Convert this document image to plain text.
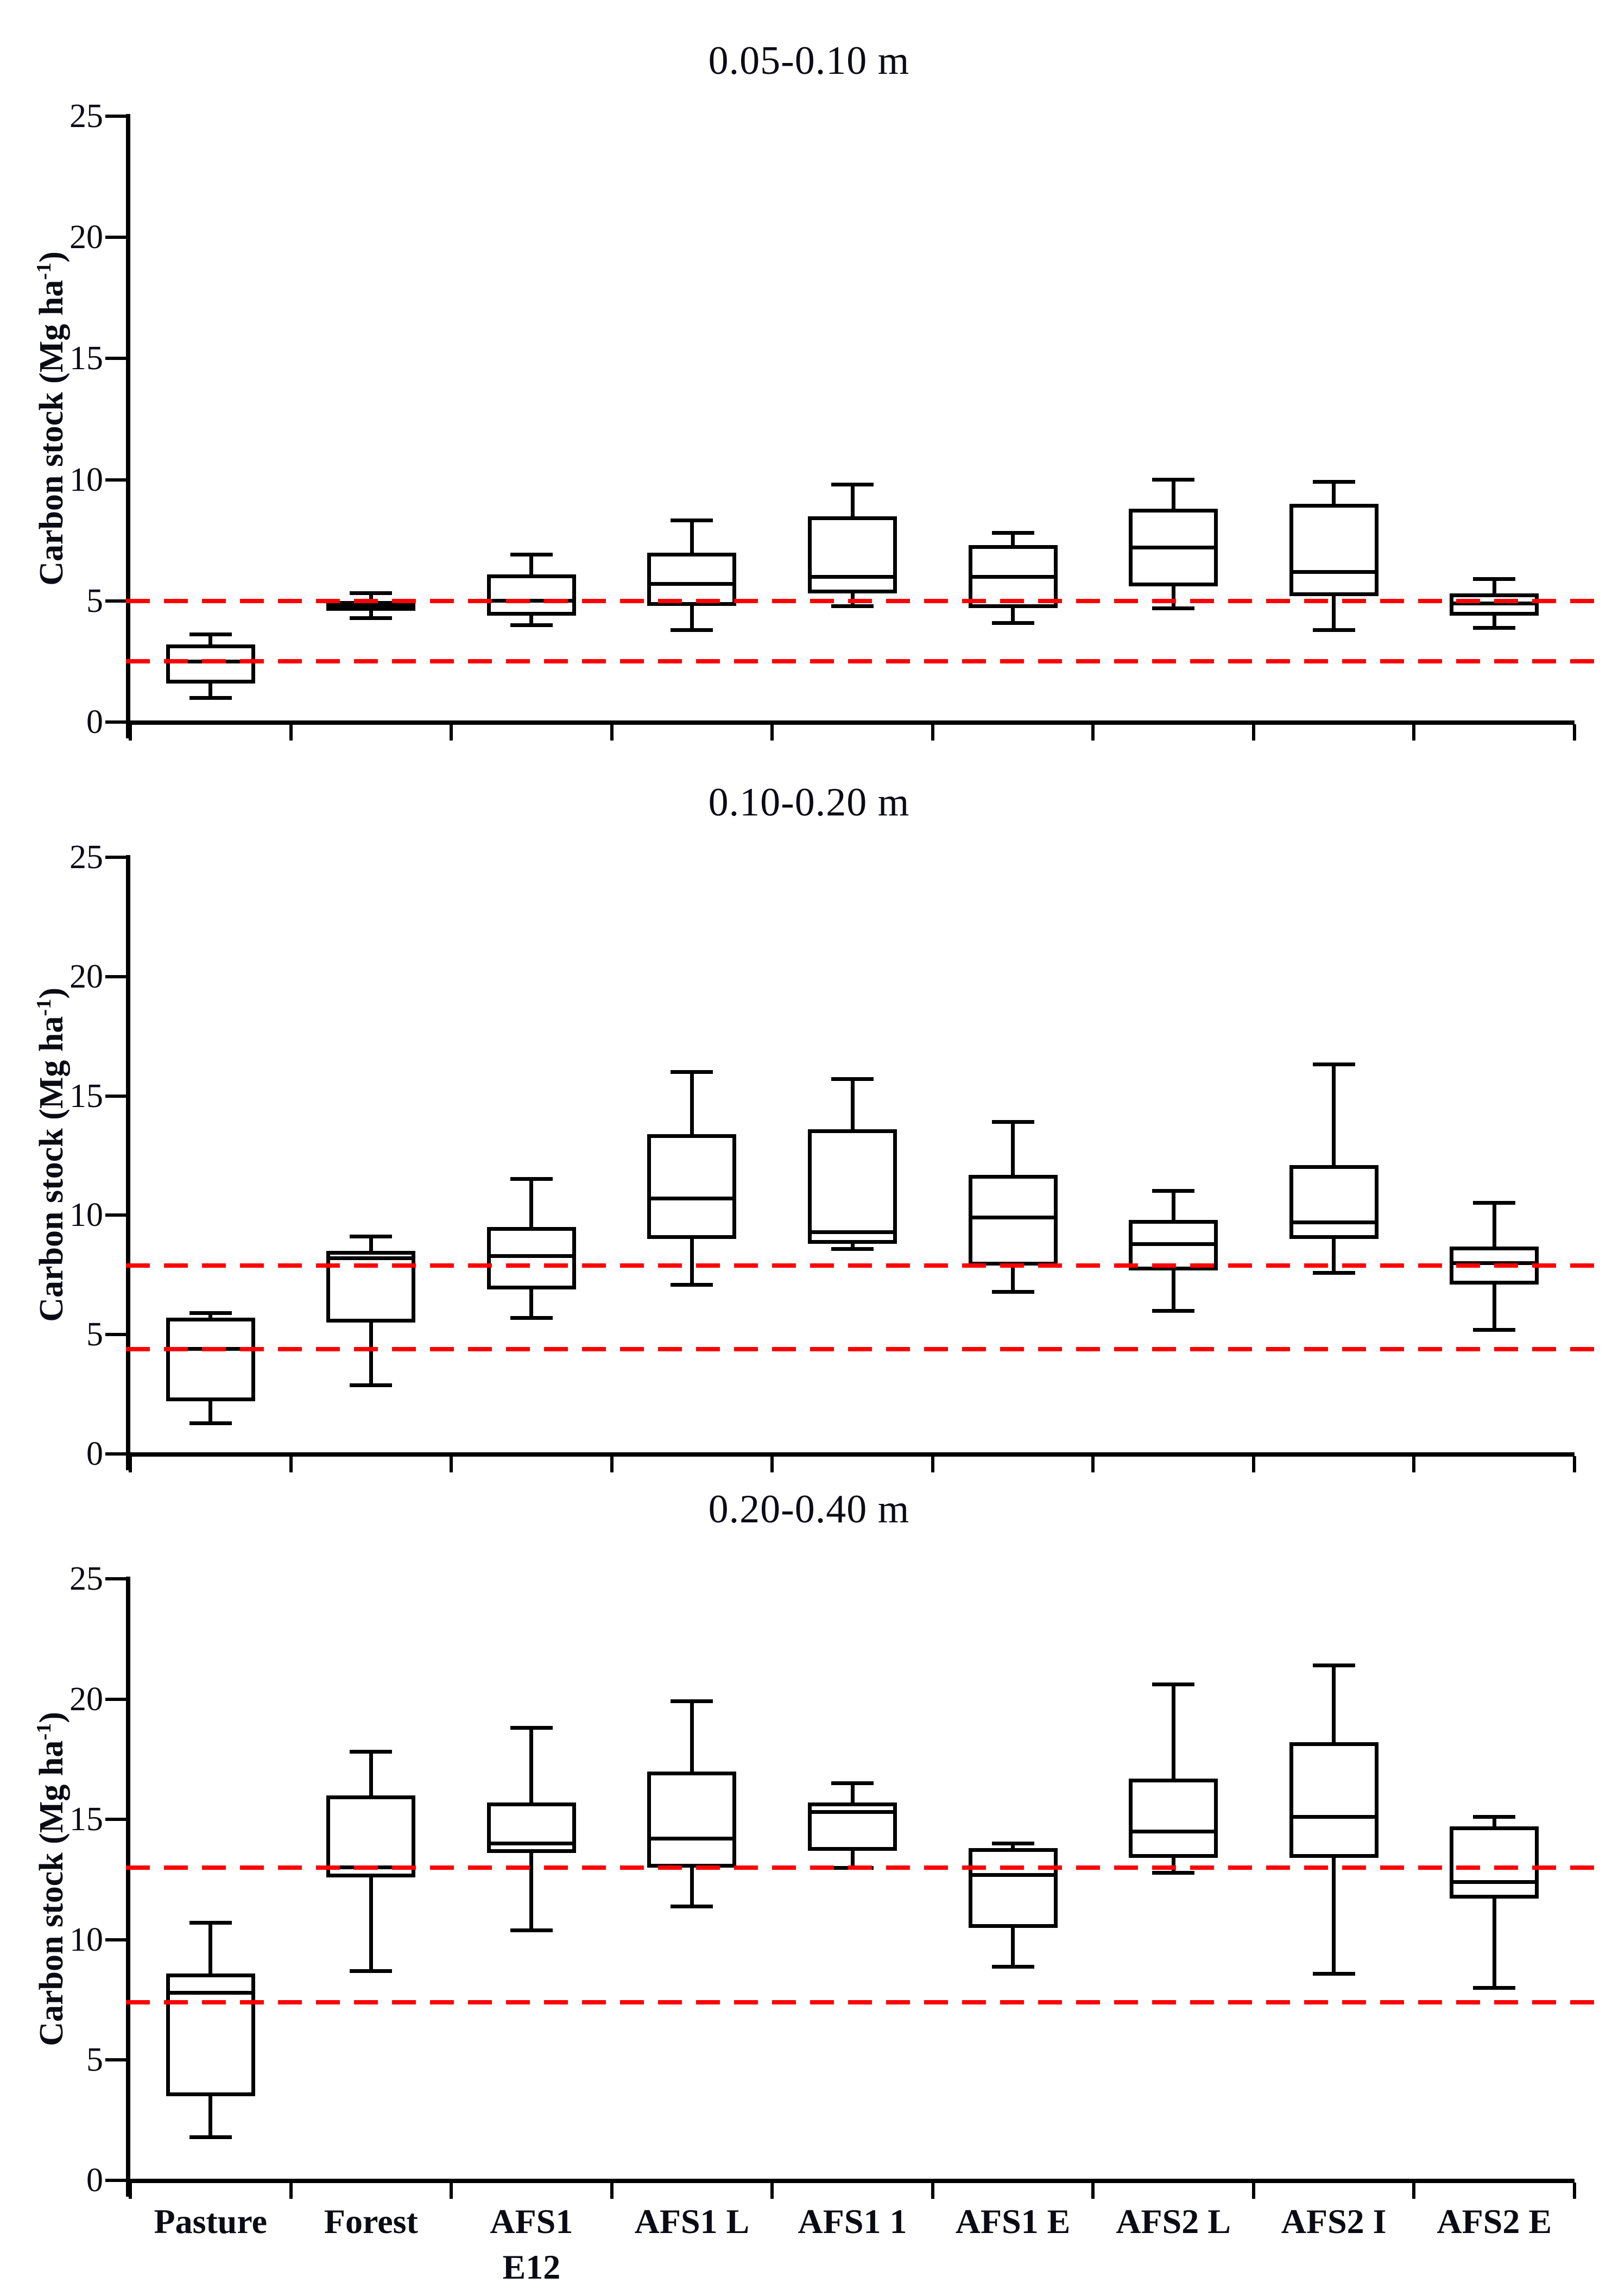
0.05-0.10 m
0.10-0.20 m
0.20-0.40 m
Carbon stock (Mg $ha^{-1}$)
Carbon stock (Mg $ha^{-1}$)
Carbon stock (Mg $ha^{-1}$)
0
5
10
15
20
25
0
5
10
15
20
25
0
5
10
15
20
25
Pasture	Forest	AFS1
E12
AFS1 L	AFS1 1	AFS1 E	AFS2 L	AFS2 I	AFS2 E
